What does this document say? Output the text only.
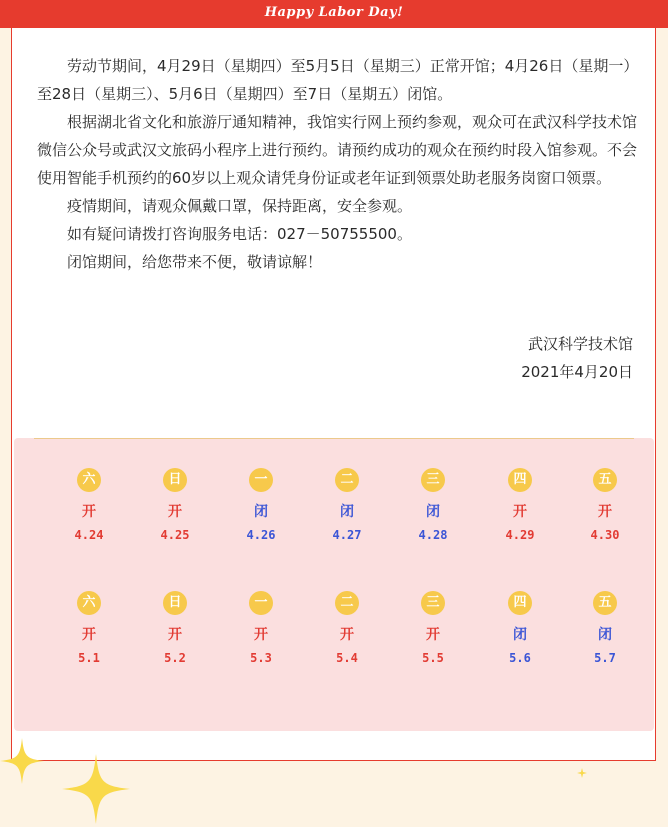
Happy Labor Day!

劳动节期间，4月29日（星期四）至5月5日（星期三）正常开馆；4月26日（星期一）至28日（星期三）、5月6日（星期四）至7日（星期五）闭馆。

根据湖北省文化和旅游厅通知精神，我馆实行网上预约参观，观众可在武汉科学技术馆微信公众号或武汉文旅码小程序上进行预约。请预约成功的观众在预约时段入馆参观。不会使用智能手机预约的60岁以上观众请凭身份证或老年证到领票处助老服务岗窗口领票。

疫情期间，请观众佩戴口罩，保持距离，安全参观。

如有疑问请拨打咨询服务电话：027－50755500。

闭馆期间，给您带来不便，敬请谅解！

武汉科学技术馆
2021年4月20日
六
开
4.24
日
开
4.25
一
闭
4.26
二
闭
4.27
三
闭
4.28
四
开
4.29
五
开
4.30
六
开
5.1
日
开
5.2
一
开
5.3
二
开
5.4
三
开
5.5
四
闭
5.6
五
闭
5.7
